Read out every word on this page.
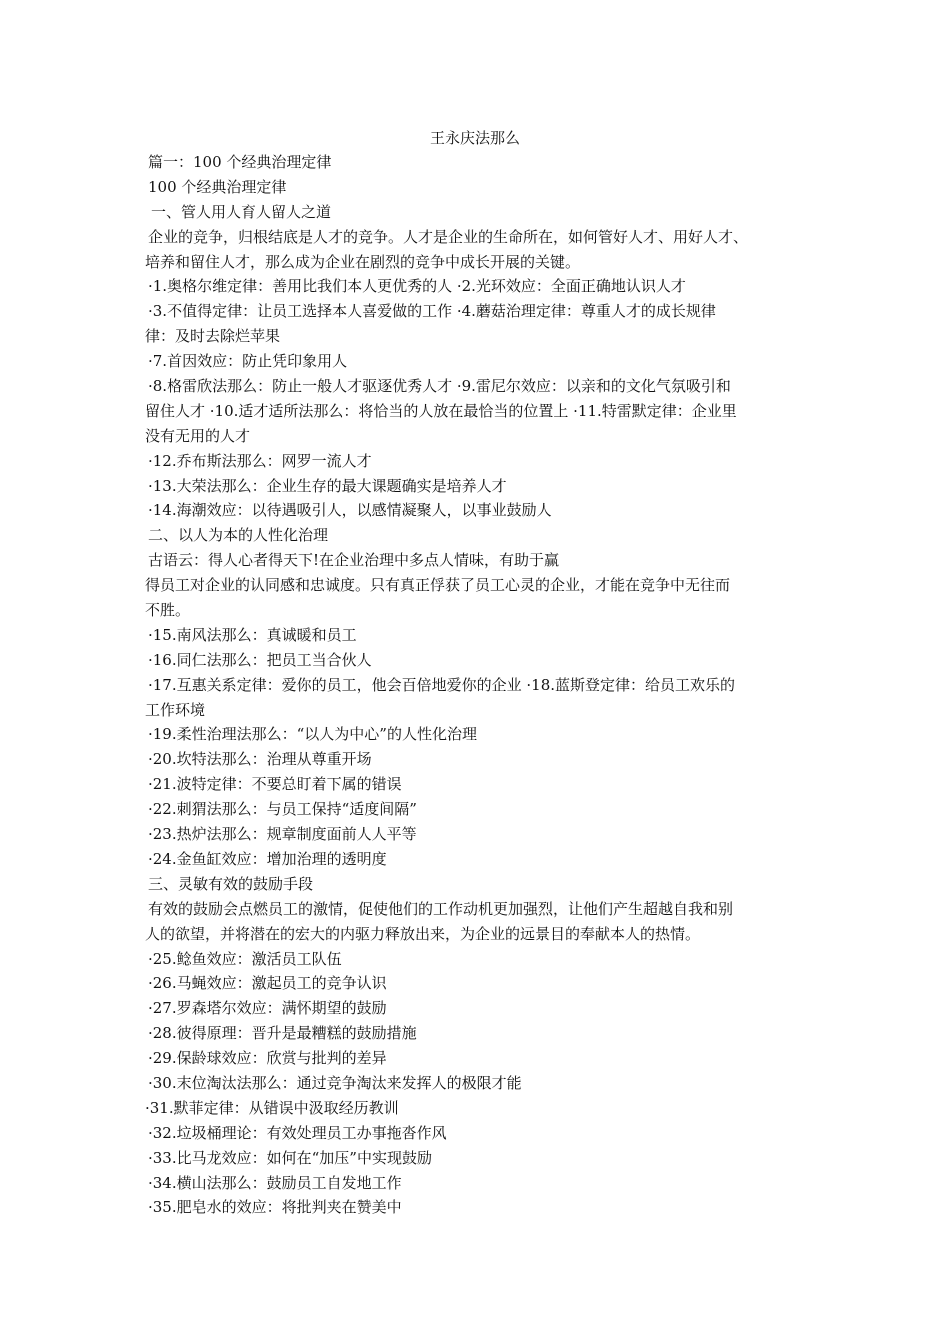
王永庆法那么
篇一：100 个经典治理定律
100 个经典治理定律
一、管人用人育人留人之道
企业的竞争，归根结底是人才的竞争。人才是企业的生命所在，如何管好人才、用好人才、
培养和留住人才，那么成为企业在剧烈的竞争中成长开展的关键。
·1.奥格尔维定律：善用比我们本人更优秀的人 ·2.光环效应：全面正确地认识人才
·3.不值得定律：让员工选择本人喜爱做的工作 ·4.蘑菇治理定律：尊重人才的成长规律
律：及时去除烂苹果
·7.首因效应：防止凭印象用人
·8.格雷欣法那么：防止一般人才驱逐优秀人才 ·9.雷尼尔效应：以亲和的文化气氛吸引和
留住人才 ·10.适才适所法那么：将恰当的人放在最恰当的位置上 ·11.特雷默定律：企业里
没有无用的人才
·12.乔布斯法那么：网罗一流人才
·13.大荣法那么：企业生存的最大课题确实是培养人才
·14.海潮效应：以待遇吸引人，以感情凝聚人，以事业鼓励人
二、以人为本的人性化治理
古语云：得人心者得天下!在企业治理中多点人情味，有助于赢
得员工对企业的认同感和忠诚度。只有真正俘获了员工心灵的企业，才能在竞争中无往而
不胜。
·15.南风法那么：真诚暖和员工
·16.同仁法那么：把员工当合伙人
·17.互惠关系定律：爱你的员工，他会百倍地爱你的企业 ·18.蓝斯登定律：给员工欢乐的
工作环境
·19.柔性治理法那么：“以人为中心”的人性化治理
·20.坎特法那么：治理从尊重开场
·21.波特定律：不要总盯着下属的错误
·22.刺猬法那么：与员工保持“适度间隔”
·23.热炉法那么：规章制度面前人人平等
·24.金鱼缸效应：增加治理的透明度
三、灵敏有效的鼓励手段
有效的鼓励会点燃员工的激情，促使他们的工作动机更加强烈，让他们产生超越自我和别
人的欲望，并将潜在的宏大的内驱力释放出来，为企业的远景目的奉献本人的热情。
·25.鲶鱼效应：激活员工队伍
·26.马蝇效应：激起员工的竞争认识
·27.罗森塔尔效应：满怀期望的鼓励
·28.彼得原理：晋升是最糟糕的鼓励措施
·29.保龄球效应：欣赏与批判的差异
·30.末位淘汰法那么：通过竞争淘汰来发挥人的极限才能
·31.默菲定律：从错误中汲取经历教训
·32.垃圾桶理论：有效处理员工办事拖沓作风
·33.比马龙效应：如何在“加压”中实现鼓励
·34.横山法那么：鼓励员工自发地工作
·35.肥皂水的效应：将批判夹在赞美中
